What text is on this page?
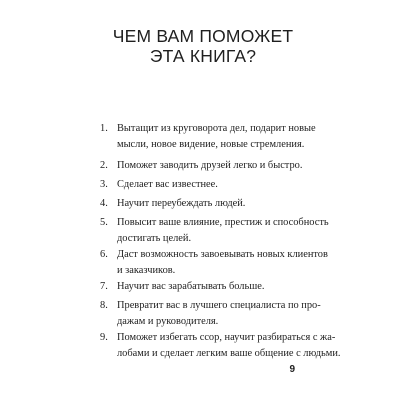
ЧЕМ ВАМ ПОМОЖЕТ
ЭТА КНИГА?
1. Вытащит из круговорота дел, подарит новые
мысли, новое видение, новые стремления.
2. Поможет заводить друзей легко и быстро.
3. Сделает вас известнее.
4. Научит переубеждать людей.
5. Повысит ваше влияние, престиж и способность
достигать целей.
6. Даст возможность завоевывать новых клиентов
и заказчиков.
7. Научит вас зарабатывать больше.
8. Превратит вас в лучшего специалиста по про-
дажам и руководителя.
9. Поможет избегать ссор, научит разбираться с жа-
лобами и сделает легким ваше общение с людьми.
9
